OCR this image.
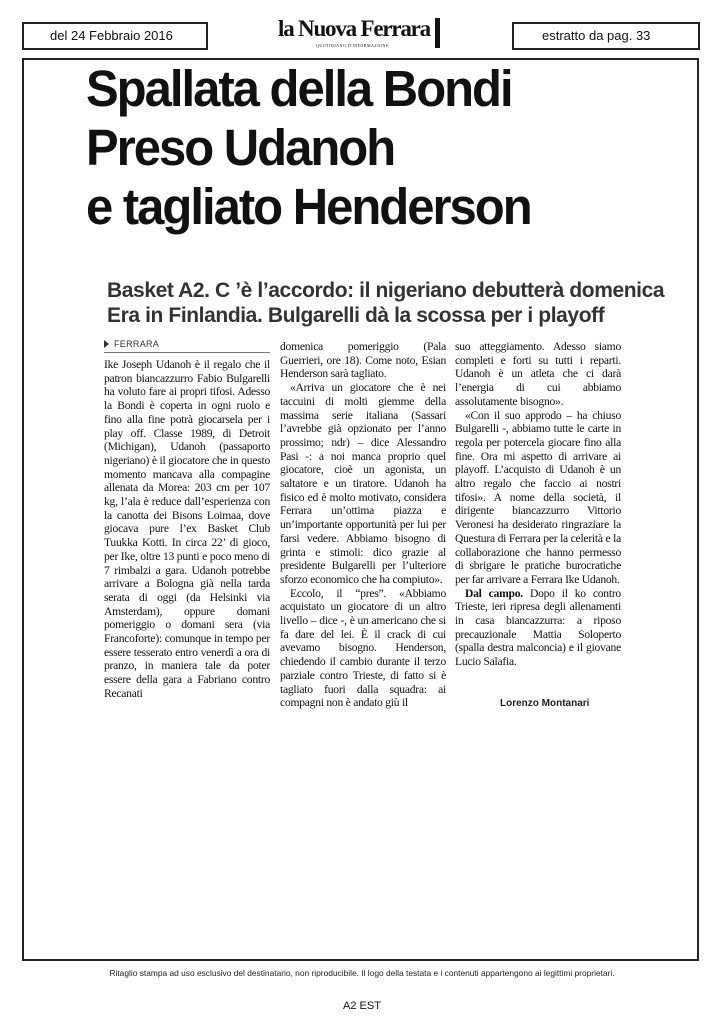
del 24 Febbraio 2016	la Nuova Ferrara
QUOTIDIANO D'INFORMAZIONE
estratto da pag. 33
Spallata della Bondi
Preso Udanoh
e tagliato Henderson
Basket A2. C ’è l’accordo: il nigeriano debutterà domenica
Era in Finlandia. Bulgarelli dà la scossa per i playoff
FERRARA

Ike Joseph Udanoh è il regalo che il patron biancazzurro Fabio Bulgarelli ha voluto fare ai propri tifosi. Adesso la Bondi è coperta in ogni ruolo e fino alla fine potrà giocarsela per i play off. Classe 1989, di Detroit (Michigan), Udanoh (passaporto nigeriano) è il giocatore che in questo momento mancava alla compagine allenata da Morea: 203 cm per 107 kg, l’ala è reduce dall’esperienza con la canotta dei Bisons Loimaa, dove giocava pure l’ex Basket Club Tuukka Kotti. In circa 22’ di gioco, per Ike, oltre 13 punti e poco meno di 7 rimbalzi a gara. Udanoh potrebbe arrivare a Bologna già nella tarda serata di oggi (da Helsinki via Amsterdam), oppure domani pomeriggio o domani sera (via Francoforte): comunque in tempo per essere tesserato entro venerdì a ora di pranzo, in maniera tale da poter essere della gara a Fabriano contro Recanati

domenica pomeriggio (Pala Guerrieri, ore 18). Come noto, Esian Henderson sarà tagliato.

«Arriva un giocatore che è nei taccuini di molti giemme della massima serie italiana (Sassari l’avrebbe già opzionato per l’anno prossimo; ndr) – dice Alessandro Pasi -: a noi manca proprio quel giocatore, cioè un agonista, un saltatore e un tiratore. Udanoh ha fisico ed è molto motivato, considera Ferrara un’ottima piazza e un’importante opportunità per lui per farsi vedere. Abbiamo bisogno di grinta e stimoli: dico grazie al presidente Bulgarelli per l’ulteriore sforzo economico che ha compiuto».

Eccolo, il “pres”. «Abbiamo acquistato un giocatore di un altro livello – dice -, è un americano che si fa dare del lei. È il crack di cui avevamo bisogno. Henderson, chiedendo il cambio durante il terzo parziale contro Trieste, di fatto si è tagliato fuori dalla squadra: ai compagni non è andato giù il

suo atteggiamento. Adesso siamo completi e forti su tutti i reparti. Udanoh è un atleta che ci darà l’energia di cui abbiamo assolutamente bisogno».

«Con il suo approdo – ha chiuso Bulgarelli -, abbiamo tutte le carte in regola per potercela giocare fino alla fine. Ora mi aspetto di arrivare ai playoff. L’acquisto di Udanoh è un altro regalo che faccio ai nostri tifosi». A nome della società, il dirigente biancazzurro Vittorio Veronesi ha desiderato ringraziare la Questura di Ferrara per la celerità e la collaborazione che hanno permesso di sbrigare le pratiche burocratiche per far arrivare a Ferrara Ike Udanoh.

Dal campo. Dopo il ko contro Trieste, ieri ripresa degli allenamenti in casa biancazzurra: a riposo precauzionale Mattia Soloperto (spalla destra malconcia) e il giovane Lucio Salafia.

Lorenzo Montanari
Ritaglio stampa ad uso esclusivo del destinatario, non riproducibile. Il logo della testata e i contenuti appartengono ai legittimi proprietari.
A2 EST
